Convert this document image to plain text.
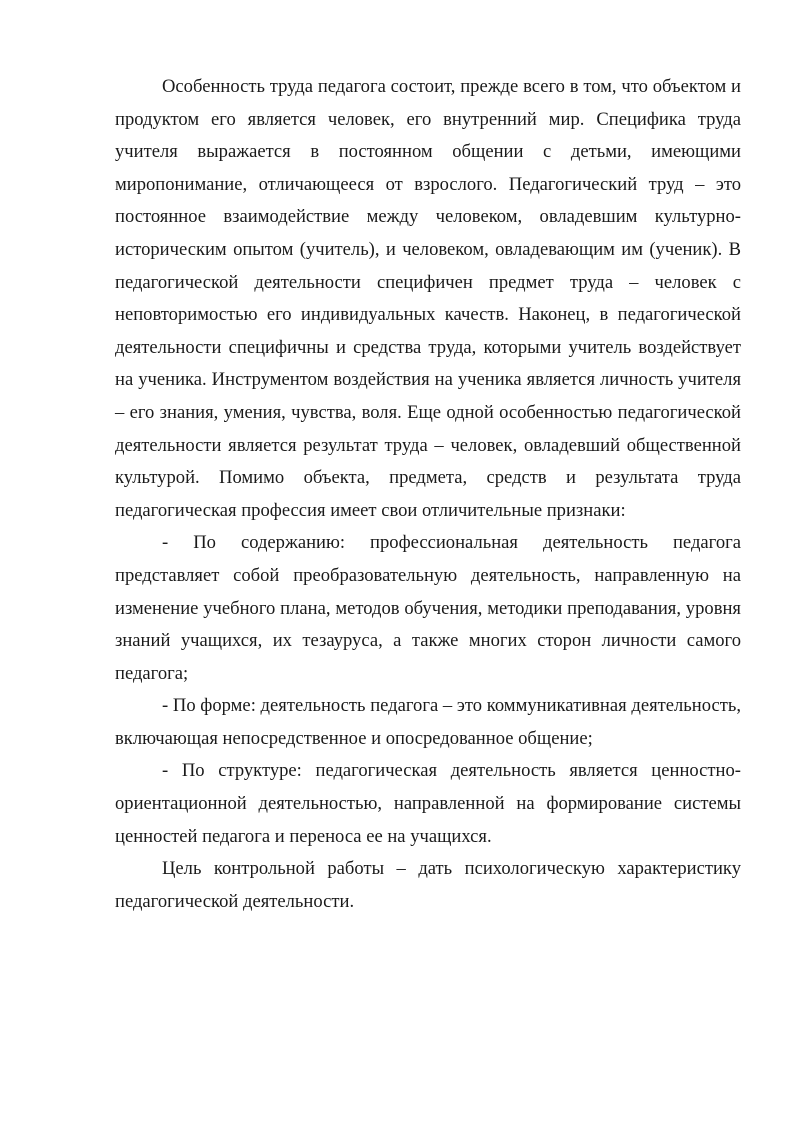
Особенность труда педагога состоит, прежде всего в том, что объектом и продуктом его является человек, его внутренний мир. Специфика труда учителя выражается в постоянном общении с детьми, имеющими миропонимание, отличающееся от взрослого. Педагогический труд – это постоянное взаимодействие между человеком, овладевшим культурно-историческим опытом (учитель), и человеком, овладевающим им (ученик). В педагогической деятельности специфичен предмет труда – человек с неповторимостью его индивидуальных качеств. Наконец, в педагогической деятельности специфичны и средства труда, которыми учитель воздействует на ученика. Инструментом воздействия на ученика является личность учителя – его знания, умения, чувства, воля. Еще одной особенностью педагогической деятельности является результат труда – человек, овладевший общественной культурой. Помимо объекта, предмета, средств и результата труда педагогическая профессия имеет свои отличительные признаки:

- По содержанию: профессиональная деятельность педагога представляет собой преобразовательную деятельность, направленную на изменение учебного плана, методов обучения, методики преподавания, уровня знаний учащихся, их тезауруса, а также многих сторон личности самого педагога;

- По форме: деятельность педагога – это коммуникативная деятельность, включающая непосредственное и опосредованное общение;

- По структуре: педагогическая деятельность является ценностно-ориентационной деятельностью, направленной на формирование системы ценностей педагога и переноса ее на учащихся.

Цель контрольной работы – дать психологическую характеристику педагогической деятельности.
